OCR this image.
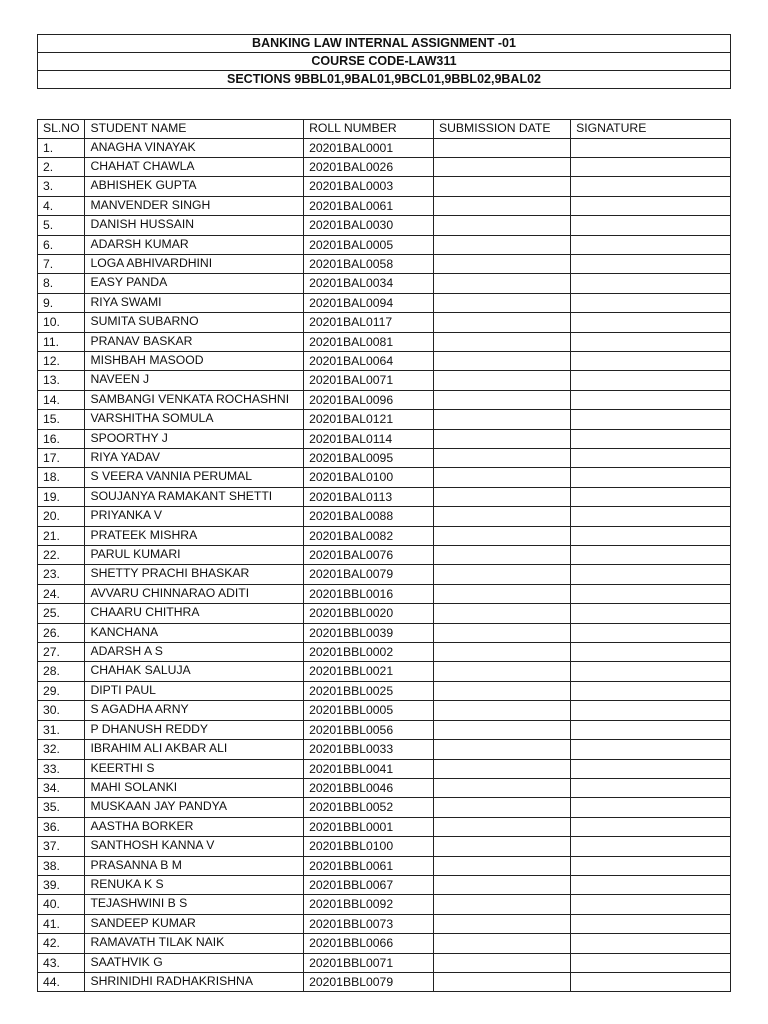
BANKING LAW INTERNAL ASSIGNMENT -01
COURSE CODE-LAW311
SECTIONS 9BBL01,9BAL01,9BCL01,9BBL02,9BAL02
SL.NO	STUDENT NAME	ROLL NUMBER	SUBMISSION DATE	SIGNATURE
1.	ANAGHA VINAYAK	20201BAL0001		
2.	CHAHAT CHAWLA	20201BAL0026		
3.	ABHISHEK GUPTA	20201BAL0003		
4.	MANVENDER SINGH	20201BAL0061		
5.	DANISH HUSSAIN	20201BAL0030		
6.	ADARSH KUMAR	20201BAL0005		
7.	LOGA ABHIVARDHINI	20201BAL0058		
8.	EASY PANDA	20201BAL0034		
9.	RIYA SWAMI	20201BAL0094		
10.	SUMITA SUBARNO	20201BAL0117		
11.	PRANAV BASKAR	20201BAL0081		
12.	MISHBAH MASOOD	20201BAL0064		
13.	NAVEEN J	20201BAL0071		
14.	SAMBANGI VENKATA ROCHASHNI	20201BAL0096		
15.	VARSHITHA SOMULA	20201BAL0121		
16.	SPOORTHY J	20201BAL0114		
17.	RIYA YADAV	20201BAL0095		
18.	S VEERA VANNIA PERUMAL	20201BAL0100		
19.	SOUJANYA RAMAKANT SHETTI	20201BAL0113		
20.	PRIYANKA V	20201BAL0088		
21.	PRATEEK MISHRA	20201BAL0082		
22.	PARUL KUMARI	20201BAL0076		
23.	SHETTY PRACHI BHASKAR	20201BAL0079		
24.	AVVARU CHINNARAO ADITI	20201BBL0016		
25.	CHAARU CHITHRA	20201BBL0020		
26.	KANCHANA	20201BBL0039		
27.	ADARSH A S	20201BBL0002		
28.	CHAHAK SALUJA	20201BBL0021		
29.	DIPTI PAUL	20201BBL0025		
30.	S AGADHA ARNY	20201BBL0005		
31.	P DHANUSH REDDY	20201BBL0056		
32.	IBRAHIM ALI AKBAR ALI	20201BBL0033		
33.	KEERTHI S	20201BBL0041		
34.	MAHI SOLANKI	20201BBL0046		
35.	MUSKAAN JAY PANDYA	20201BBL0052		
36.	AASTHA BORKER	20201BBL0001		
37.	SANTHOSH KANNA V	20201BBL0100		
38.	PRASANNA B M	20201BBL0061		
39.	RENUKA K S	20201BBL0067		
40.	TEJASHWINI B S	20201BBL0092		
41.	SANDEEP KUMAR	20201BBL0073		
42.	RAMAVATH TILAK NAIK	20201BBL0066		
43.	SAATHVIK G	20201BBL0071		
44.	SHRINIDHI RADHAKRISHNA	20201BBL0079		
